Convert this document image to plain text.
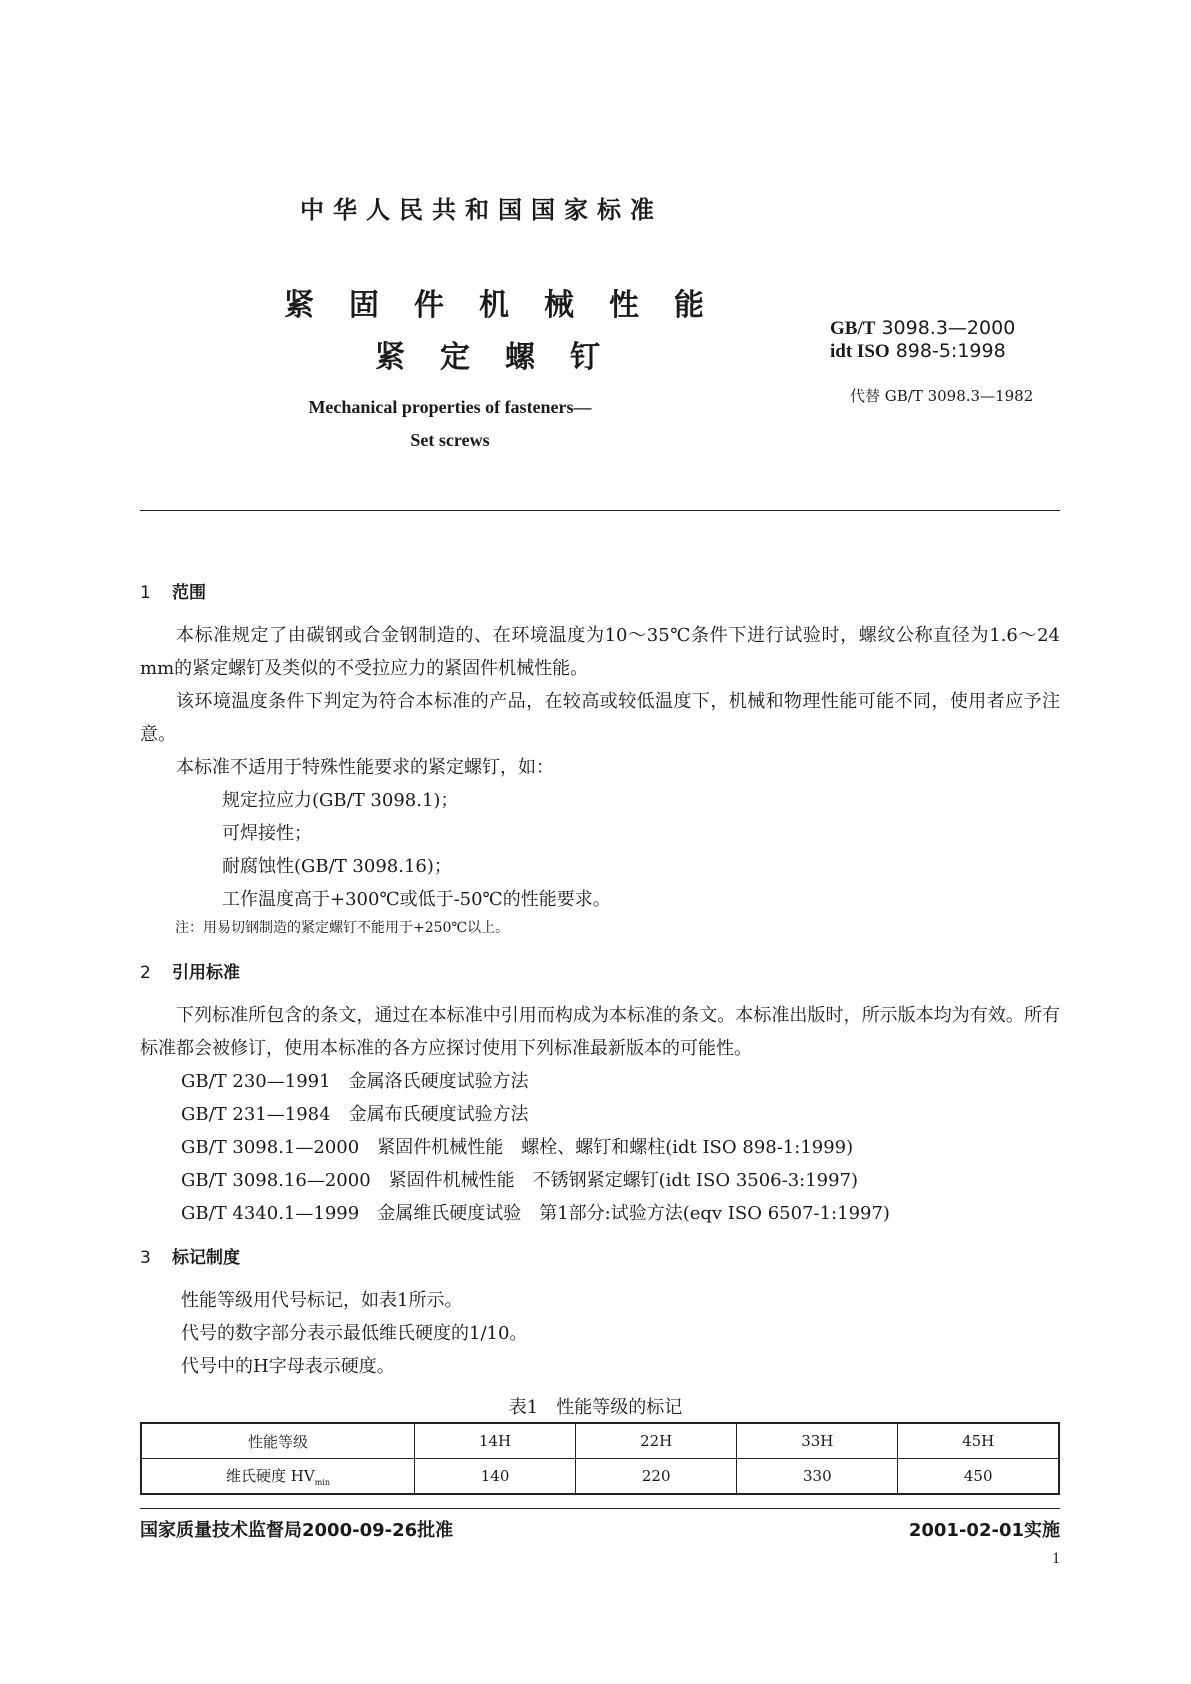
中华人民共和国国家标准
紧固件机械性能
紧定螺钉
GB/T 3098.3—2000
idt ISO 898-5:1998
代替 GB/T 3098.3—1982
Mechanical properties of fasteners—
Set screws
1 范围
本标准规定了由碳钢或合金钢制造的、在环境温度为10～35℃条件下进行试验时，螺纹公称直径为1.6～24 mm的紧定螺钉及类似的不受拉应力的紧固件机械性能。
该环境温度条件下判定为符合本标准的产品，在较高或较低温度下，机械和物理性能可能不同，使用者应予注意。
本标准不适用于特殊性能要求的紧定螺钉，如：
规定拉应力(GB/T 3098.1)；
可焊接性；
耐腐蚀性(GB/T 3098.16)；
工作温度高于+300℃或低于-50℃的性能要求。
注：用易切钢制造的紧定螺钉不能用于+250℃以上。
2 引用标准
下列标准所包含的条文，通过在本标准中引用而构成为本标准的条文。本标准出版时，所示版本均为有效。所有标准都会被修订，使用本标准的各方应探讨使用下列标准最新版本的可能性。
GB/T 230—1991　金属洛氏硬度试验方法
GB/T 231—1984　金属布氏硬度试验方法
GB/T 3098.1—2000　紧固件机械性能　螺栓、螺钉和螺柱(idt ISO 898-1:1999)
GB/T 3098.16—2000　紧固件机械性能　不锈钢紧定螺钉(idt ISO 3506-3:1997)
GB/T 4340.1—1999　金属维氏硬度试验　第1部分:试验方法(eqv ISO 6507-1:1997)
3 标记制度
性能等级用代号标记，如表1所示。
代号的数字部分表示最低维氏硬度的1/10。
代号中的H字母表示硬度。
表1　性能等级的标记
性能等级	14H	22H	33H	45H
维氏硬度 $HV_{min}$	140	220	330	450
国家质量技术监督局2000-09-26批准	2001-02-01实施
1
